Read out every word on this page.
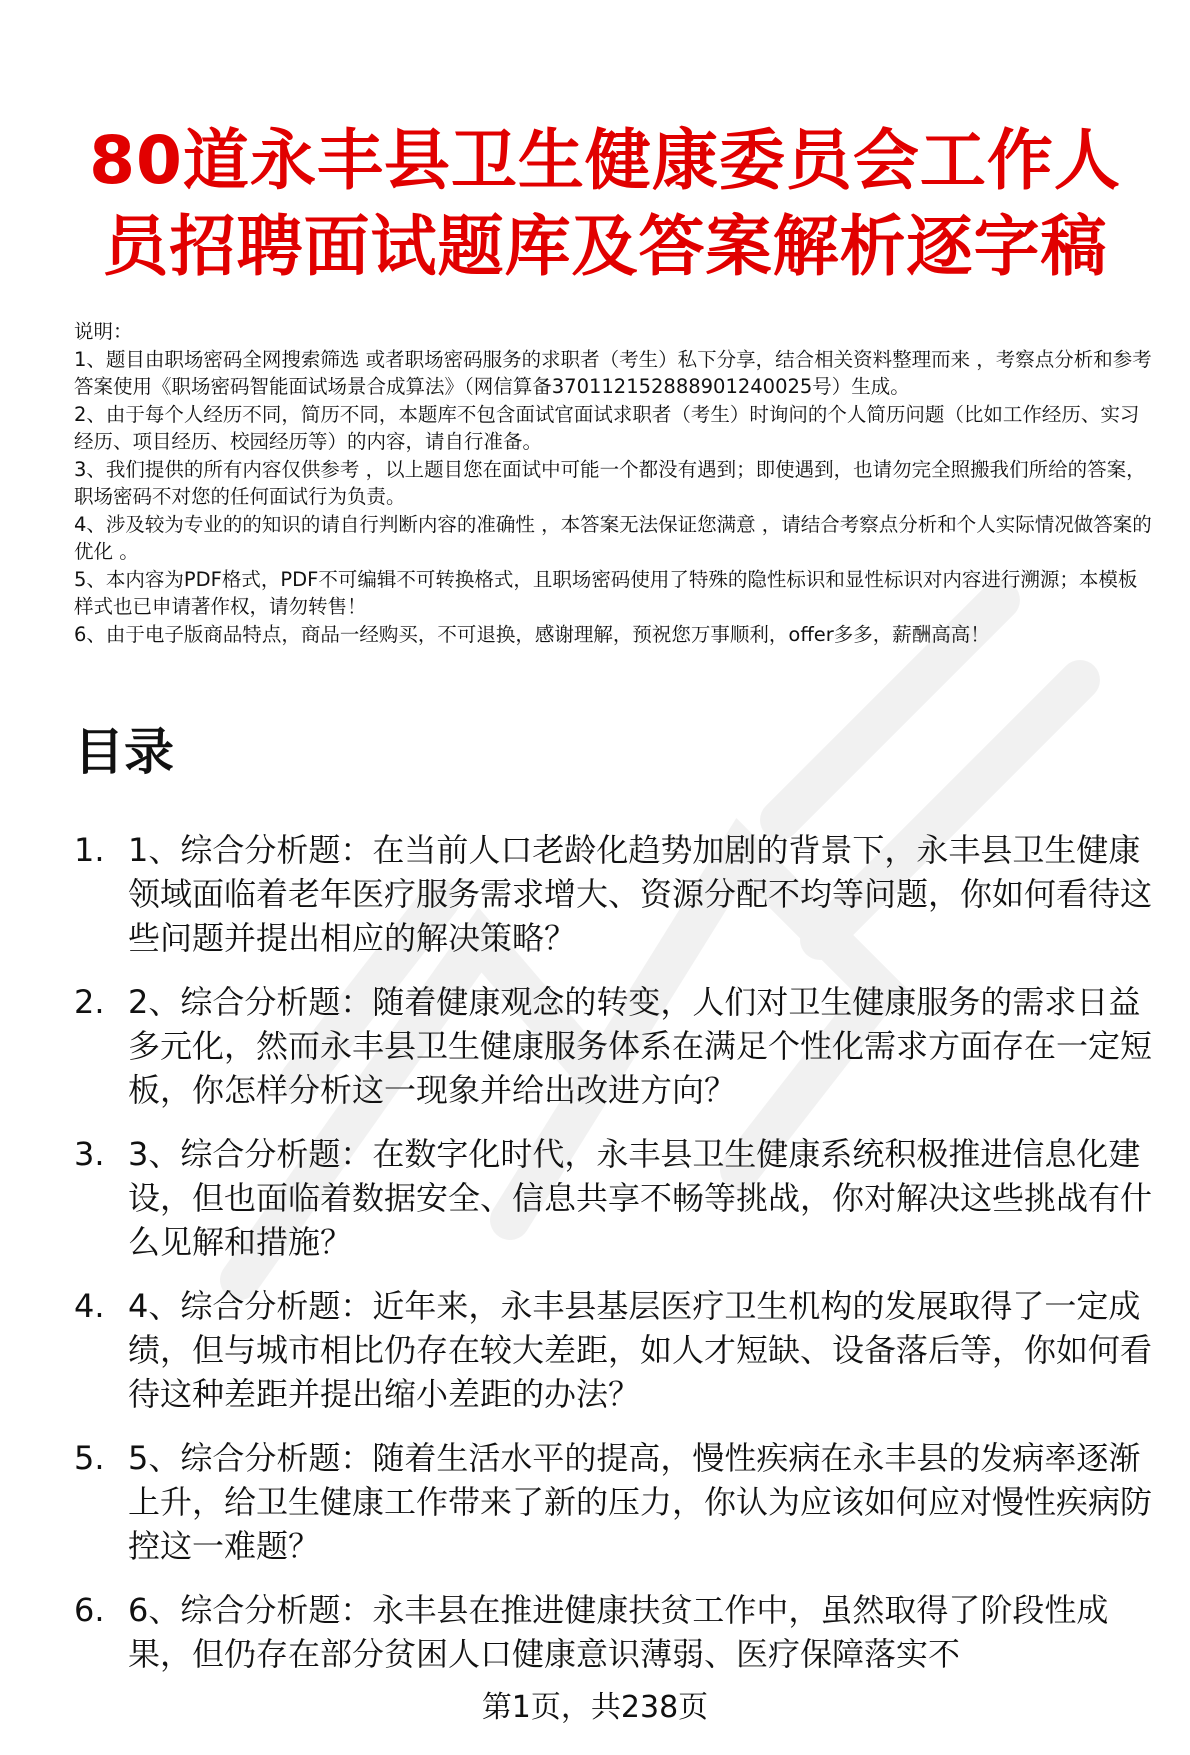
80道永丰县卫生健康委员会工作人员招聘面试题库及答案解析逐字稿

说明：

1、题目由职场密码全网搜索筛选 或者职场密码服务的求职者（考生）私下分享，结合相关资料整理而来 ，考察点分析和参考答案使用《职场密码智能面试场景合成算法》（网信算备370112152888901240025号）生成。

2、由于每个人经历不同，简历不同，本题库不包含面试官面试求职者（考生）时询问的个人简历问题（比如工作经历、实习经历、项目经历、校园经历等）的内容，请自行准备。

3、我们提供的所有内容仅供参考 ，以上题目您在面试中可能一个都没有遇到；即使遇到，也请勿完全照搬我们所给的答案，职场密码不对您的任何面试行为负责。

4、涉及较为专业的的知识的请自行判断内容的准确性 ，本答案无法保证您满意 ，请结合考察点分析和个人实际情况做答案的优化 。

5、本内容为PDF格式，PDF不可编辑不可转换格式，且职场密码使用了特殊的隐性标识和显性标识对内容进行溯源；本模板样式也已申请著作权，请勿转售！

6、由于电子版商品特点，商品一经购买，不可退换，感谢理解，预祝您万事顺利，offer多多，薪酬高高！

目录
1. 1、综合分析题：在当前人口老龄化趋势加剧的背景下，永丰县卫生健康领域面临着老年医疗服务需求增大、资源分配不均等问题，你如何看待这些问题并提出相应的解决策略？
2. 2、综合分析题：随着健康观念的转变，人们对卫生健康服务的需求日益多元化，然而永丰县卫生健康服务体系在满足个性化需求方面存在一定短板，你怎样分析这一现象并给出改进方向？
3. 3、综合分析题：在数字化时代，永丰县卫生健康系统积极推进信息化建设，但也面临着数据安全、信息共享不畅等挑战，你对解决这些挑战有什么见解和措施？
4. 4、综合分析题：近年来，永丰县基层医疗卫生机构的发展取得了一定成绩，但与城市相比仍存在较大差距，如人才短缺、设备落后等，你如何看待这种差距并提出缩小差距的办法？
5. 5、综合分析题：随着生活水平的提高，慢性疾病在永丰县的发病率逐渐上升，给卫生健康工作带来了新的压力，你认为应该如何应对慢性疾病防控这一难题？
6. 6、综合分析题：永丰县在推进健康扶贫工作中，虽然取得了阶段性成果，但仍存在部分贫困人口健康意识薄弱、医疗保障落实不
第1页，共238页
